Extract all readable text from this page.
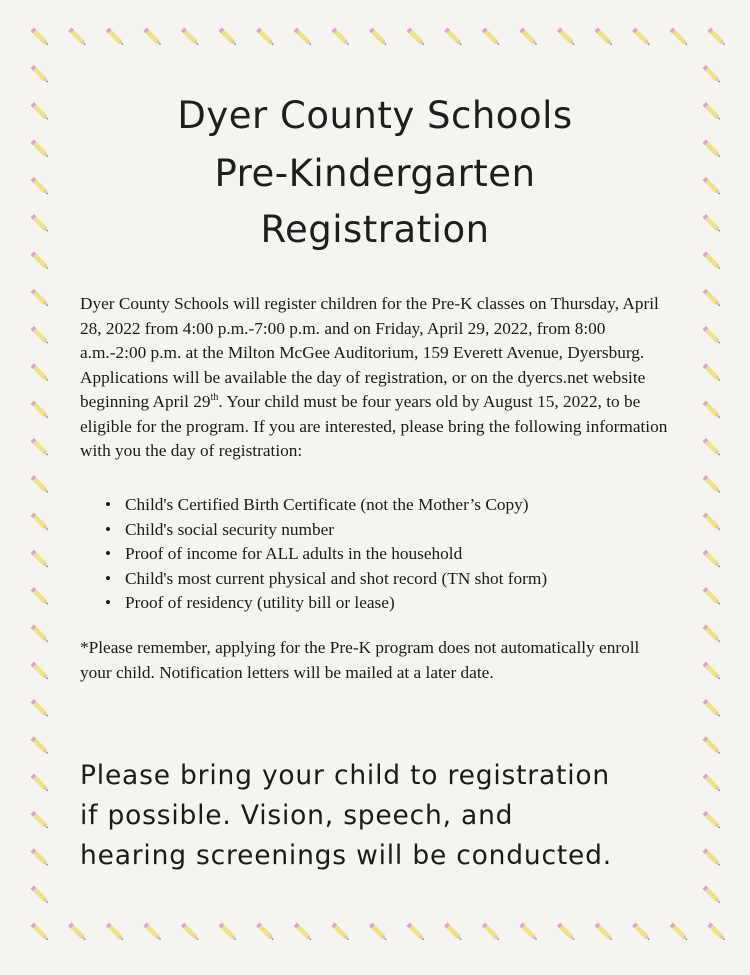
Dyer County Schools
Pre-Kindergarten
Registration
Dyer County Schools will register children for the Pre-K classes on Thursday, April 28, 2022 from 4:00 p.m.-7:00 p.m. and on Friday, April 29, 2022, from 8:00 a.m.-2:00 p.m. at the Milton McGee Auditorium, 159 Everett Avenue, Dyersburg. Applications will be available the day of registration, or on the dyercs.net website beginning April 29th. Your child must be four years old by August 15, 2022, to be eligible for the program. If you are interested, please bring the following information with you the day of registration:
• Child's Certified Birth Certificate (not the Mother’s Copy)
• Child's social security number
• Proof of income for ALL adults in the household
• Child's most current physical and shot record (TN shot form)
• Proof of residency (utility bill or lease)
*Please remember, applying for the Pre-K program does not automatically enroll your child. Notification letters will be mailed at a later date.
Please bring your child to registration
if possible. Vision, speech, and
hearing screenings will be conducted.
